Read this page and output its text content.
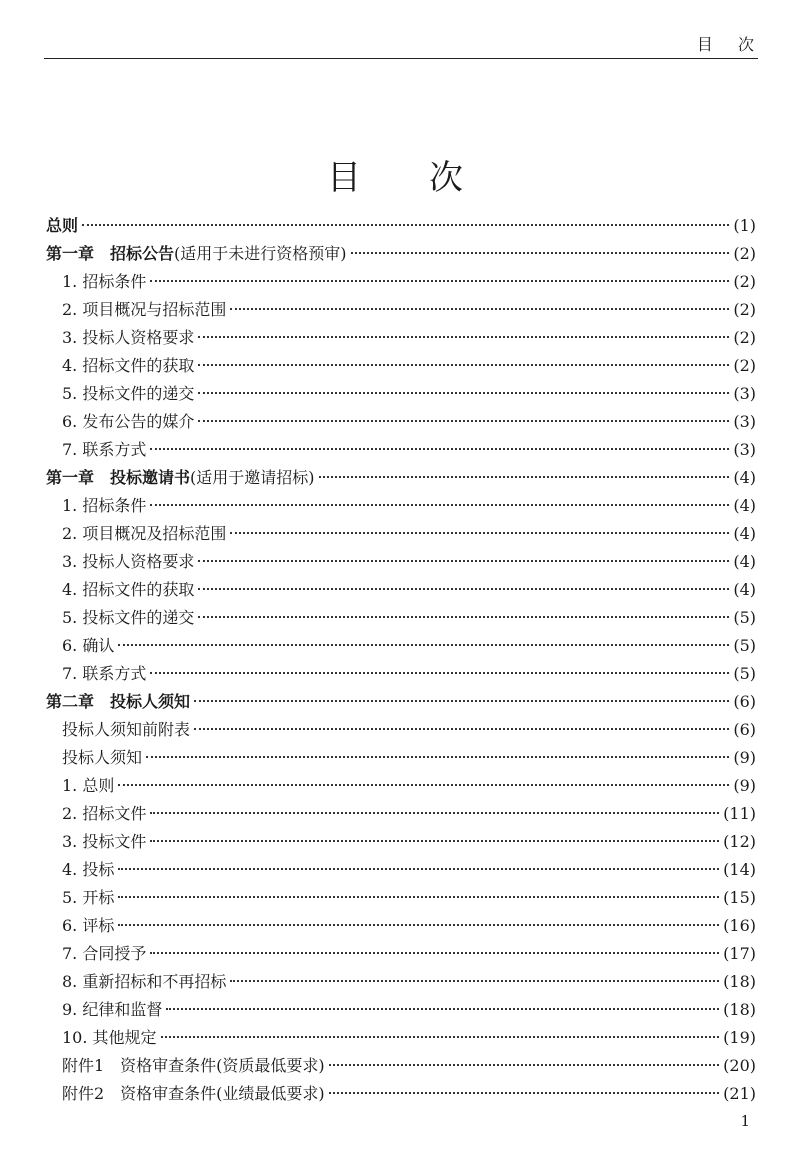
目 次
目 次
总则	(1)
第一章　招标公告(适用于未进行资格预审)	(2)
1. 招标条件	(2)
2. 项目概况与招标范围	(2)
3. 投标人资格要求	(2)
4. 招标文件的获取	(2)
5. 投标文件的递交	(3)
6. 发布公告的媒介	(3)
7. 联系方式	(3)
第一章　投标邀请书(适用于邀请招标)	(4)
1. 招标条件	(4)
2. 项目概况及招标范围	(4)
3. 投标人资格要求	(4)
4. 招标文件的获取	(4)
5. 投标文件的递交	(5)
6. 确认	(5)
7. 联系方式	(5)
第二章　投标人须知	(6)
投标人须知前附表	(6)
投标人须知	(9)
1. 总则	(9)
2. 招标文件	(11)
3. 投标文件	(12)
4. 投标	(14)
5. 开标	(15)
6. 评标	(16)
7. 合同授予	(17)
8. 重新招标和不再招标	(18)
9. 纪律和监督	(18)
10. 其他规定	(19)
附件1　资格审查条件(资质最低要求)	(20)
附件2　资格审查条件(业绩最低要求)	(21)
1
